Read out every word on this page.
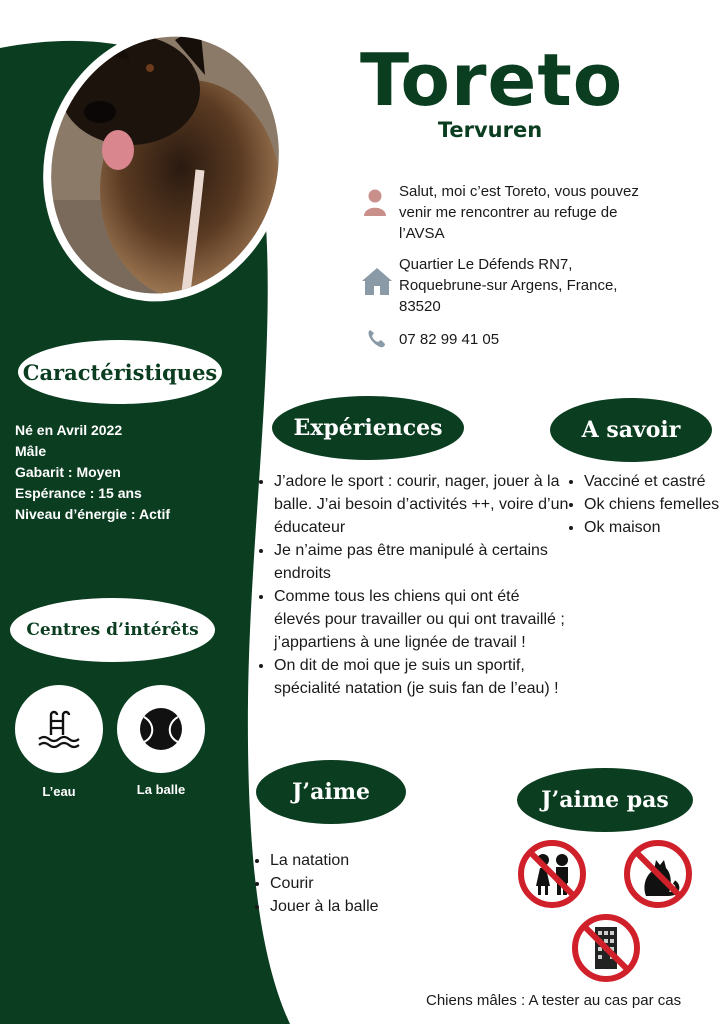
Toreto
Tervuren
Salut, moi c’est Toreto, vous pouvez venir me rencontrer au refuge de l’AVSA
Quartier Le Défends RN7, Roquebrune-sur Argens, France, 83520
07 82 99 41 05
Caractéristiques
Né en Avril 2022
Mâle
Gabarit : Moyen
Espérance : 15 ans
Niveau d’énergie : Actif
Centres d’intérêts
L’eau	La balle
Expériences
• J’adore le sport : courir, nager, jouer à la balle. J’ai besoin d’activités ++, voire d’un éducateur
• Je n’aime pas être manipulé à certains endroits
• Comme tous les chiens qui ont été élevés pour travailler ou qui ont travaillé ; j’appartiens à une lignée de travail !
• On dit de moi que je suis un sportif, spécialité natation (je suis fan de l’eau) !
A savoir
• Vacciné et castré
• Ok chiens femelles
• Ok maison
J’aime
• La natation
• Courir
• Jouer à la balle
J’aime pas
Chiens mâles : A tester au cas par cas
